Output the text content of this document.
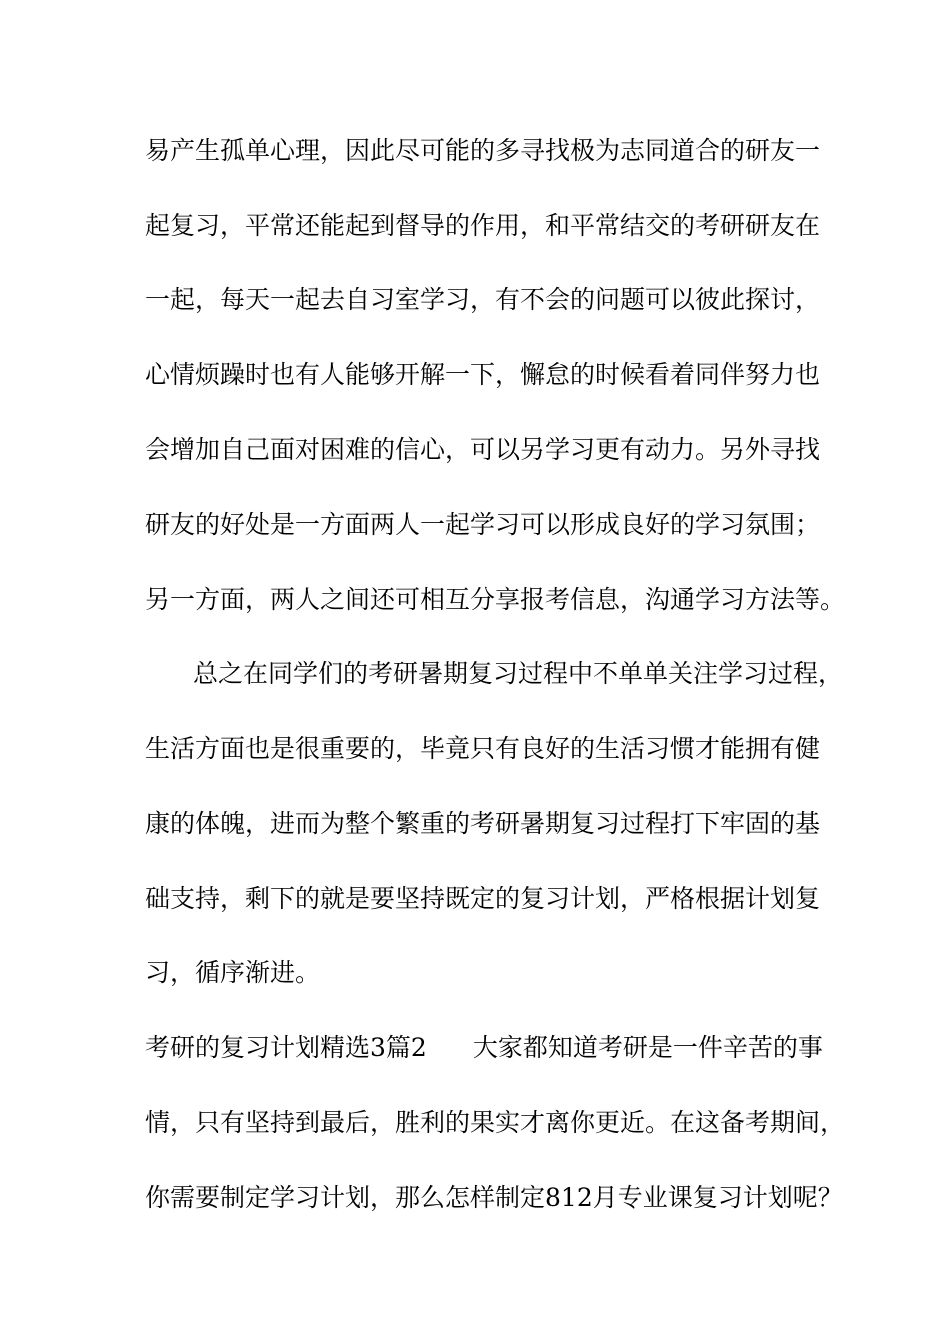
易产生孤单心理，因此尽可能的多寻找极为志同道合的研友一
起复习，平常还能起到督导的作用，和平常结交的考研研友在
一起，每天一起去自习室学习，有不会的问题可以彼此探讨，
心情烦躁时也有人能够开解一下，懈怠的时候看着同伴努力也
会增加自己面对困难的信心，可以另学习更有动力。另外寻找
研友的好处是一方面两人一起学习可以形成良好的学习氛围；
另一方面，两人之间还可相互分享报考信息，沟通学习方法等。
总之在同学们的考研暑期复习过程中不单单关注学习过程，
生活方面也是很重要的，毕竟只有良好的生活习惯才能拥有健
康的体魄，进而为整个繁重的考研暑期复习过程打下牢固的基
础支持，剩下的就是要坚持既定的复习计划，严格根据计划复
习，循序渐进。
考研的复习计划精选3篇2 大家都知道考研是一件辛苦的事
情，只有坚持到最后，胜利的果实才离你更近。在这备考期间，
你需要制定学习计划，那么怎样制定812月专业课复习计划呢？
